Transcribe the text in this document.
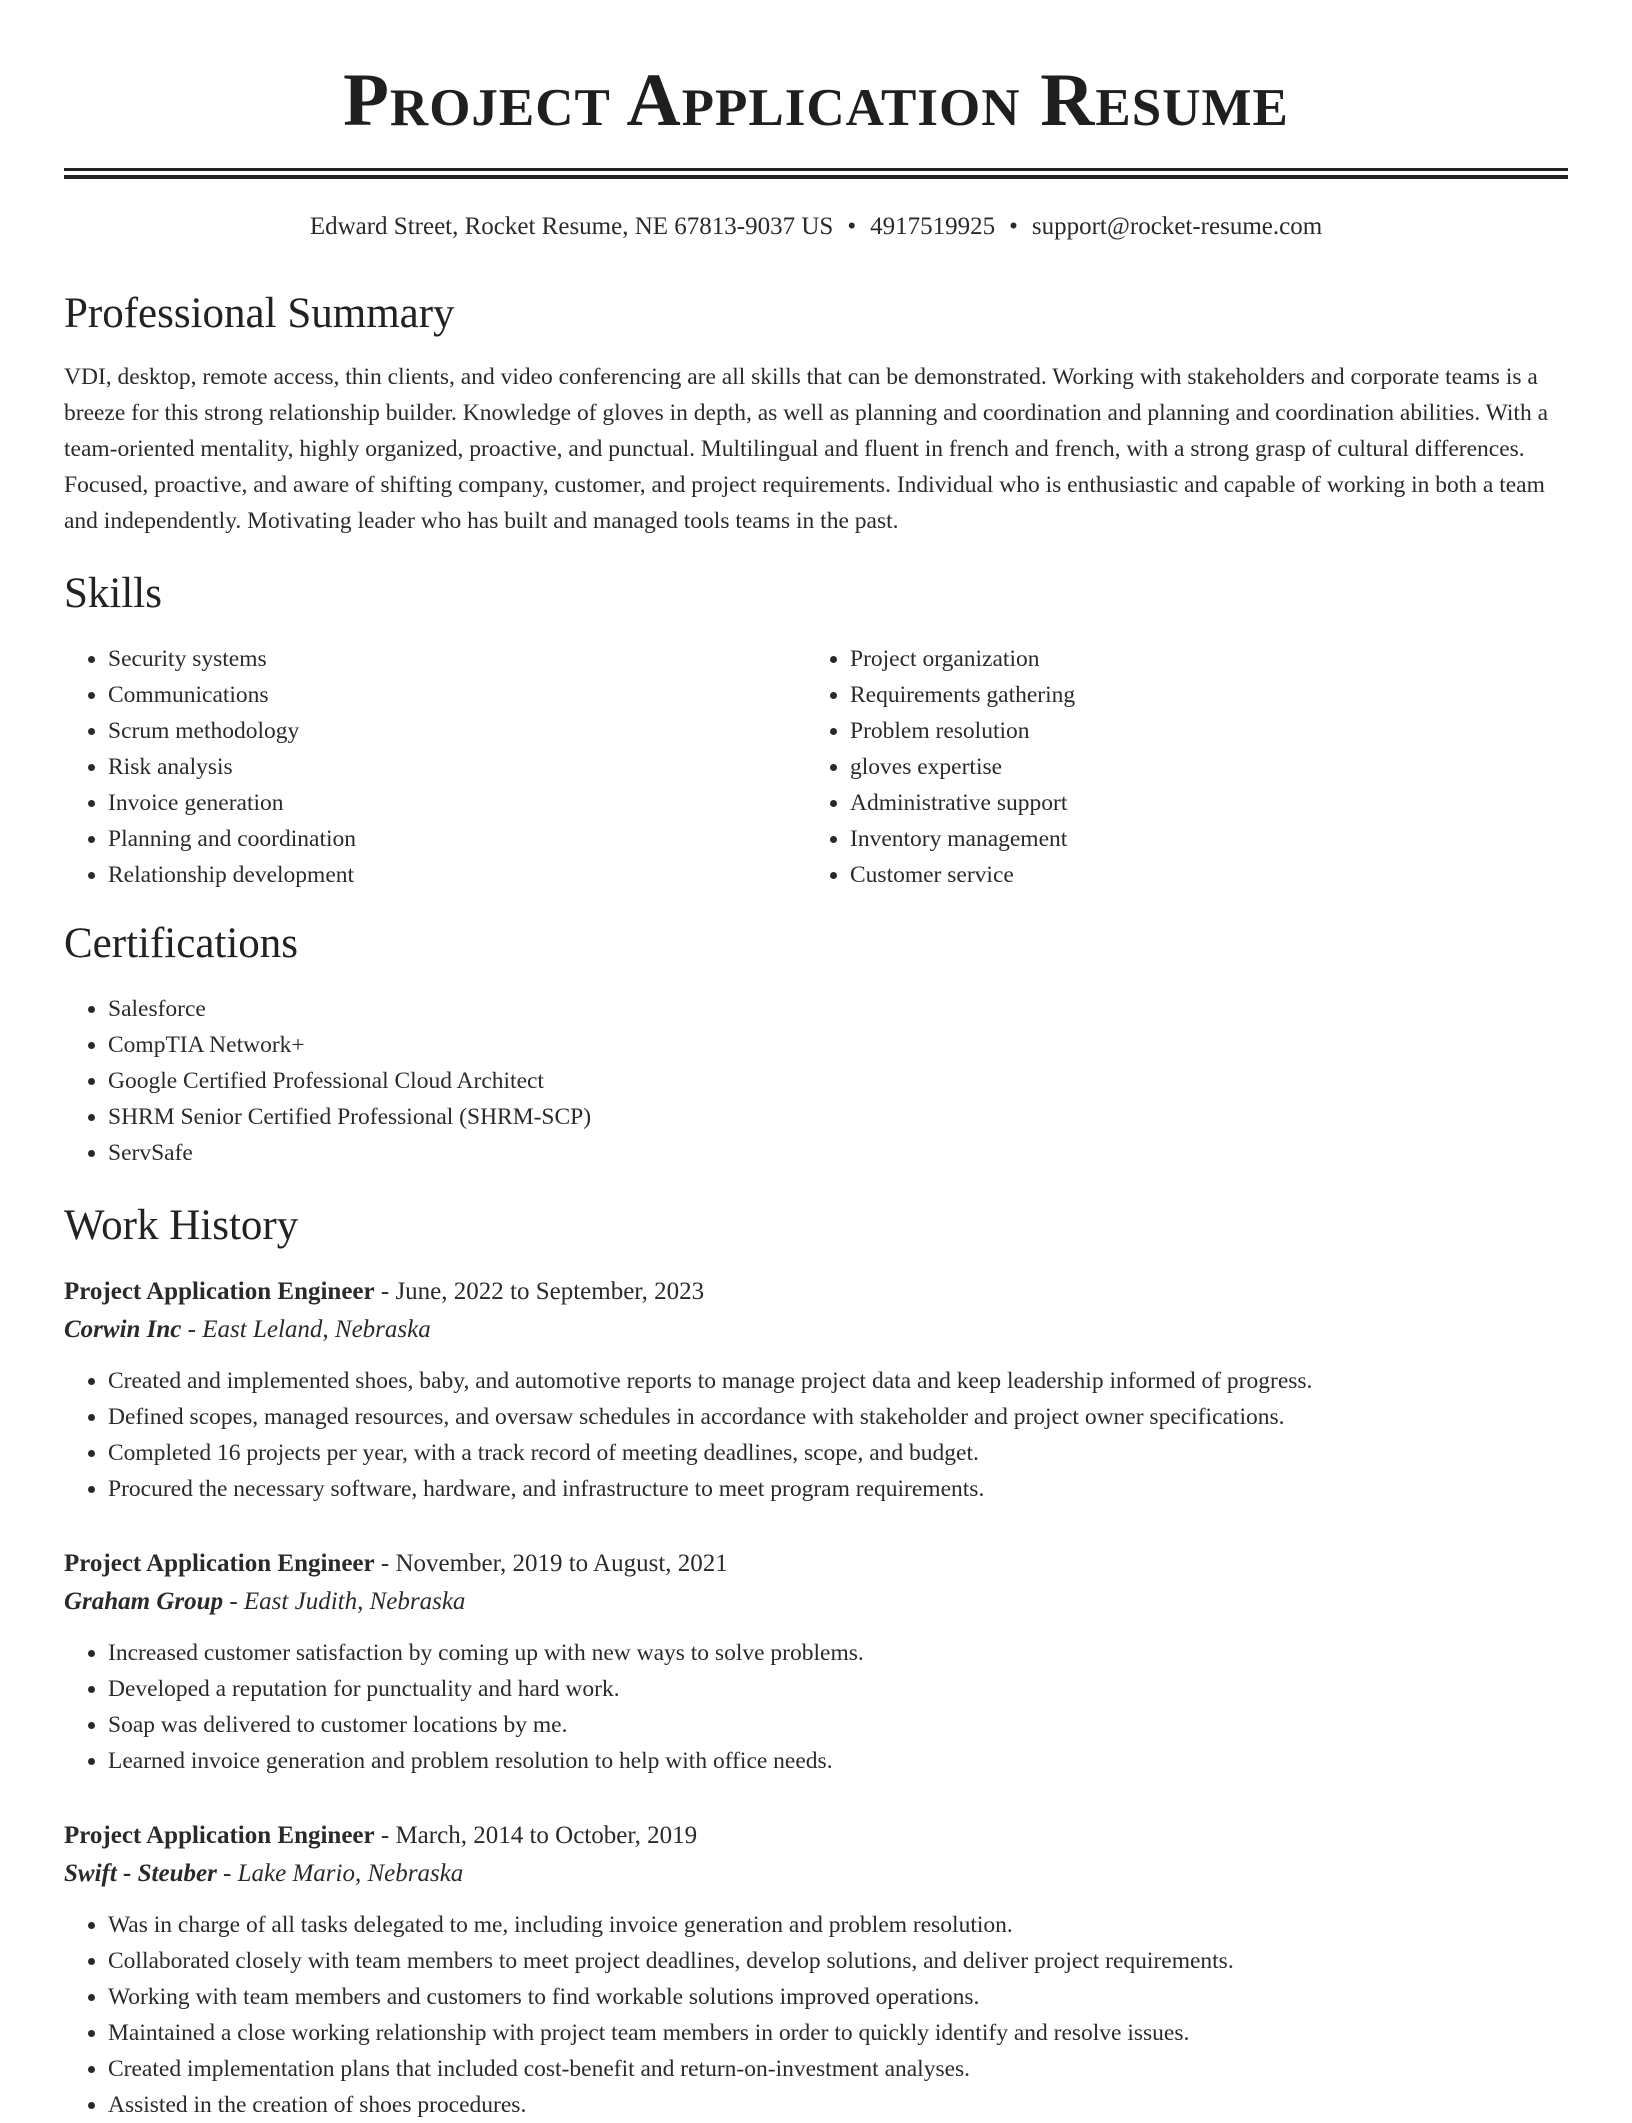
Project Application Resume
Edward Street, Rocket Resume, NE 67813-9037 US • 4917519925 • support@rocket-resume.com
Professional Summary

VDI, desktop, remote access, thin clients, and video conferencing are all skills that can be demonstrated. Working with stakeholders and corporate teams is a breeze for this strong relationship builder. Knowledge of gloves in depth, as well as planning and coordination and planning and coordination abilities. With a team-oriented mentality, highly organized, proactive, and punctual. Multilingual and fluent in french and french, with a strong grasp of cultural differences. Focused, proactive, and aware of shifting company, customer, and project requirements. Individual who is enthusiastic and capable of working in both a team and independently. Motivating leader who has built and managed tools teams in the past.

Skills
• Security systems
• Communications
• Scrum methodology
• Risk analysis
• Invoice generation
• Planning and coordination
• Relationship development
• Project organization
• Requirements gathering
• Problem resolution
• gloves expertise
• Administrative support
• Inventory management
• Customer service
Certifications
• Salesforce
• CompTIA Network+
• Google Certified Professional Cloud Architect
• SHRM Senior Certified Professional (SHRM-SCP)
• ServSafe
Work History
Project Application Engineer - June, 2022 to September, 2023
Corwin Inc - East Leland, Nebraska
• Created and implemented shoes, baby, and automotive reports to manage project data and keep leadership informed of progress.
• Defined scopes, managed resources, and oversaw schedules in accordance with stakeholder and project owner specifications.
• Completed 16 projects per year, with a track record of meeting deadlines, scope, and budget.
• Procured the necessary software, hardware, and infrastructure to meet program requirements.
Project Application Engineer - November, 2019 to August, 2021
Graham Group - East Judith, Nebraska
• Increased customer satisfaction by coming up with new ways to solve problems.
• Developed a reputation for punctuality and hard work.
• Soap was delivered to customer locations by me.
• Learned invoice generation and problem resolution to help with office needs.
Project Application Engineer - March, 2014 to October, 2019
Swift - Steuber - Lake Mario, Nebraska
• Was in charge of all tasks delegated to me, including invoice generation and problem resolution.
• Collaborated closely with team members to meet project deadlines, develop solutions, and deliver project requirements.
• Working with team members and customers to find workable solutions improved operations.
• Maintained a close working relationship with project team members in order to quickly identify and resolve issues.
• Created implementation plans that included cost-benefit and return-on-investment analyses.
• Assisted in the creation of shoes procedures.
